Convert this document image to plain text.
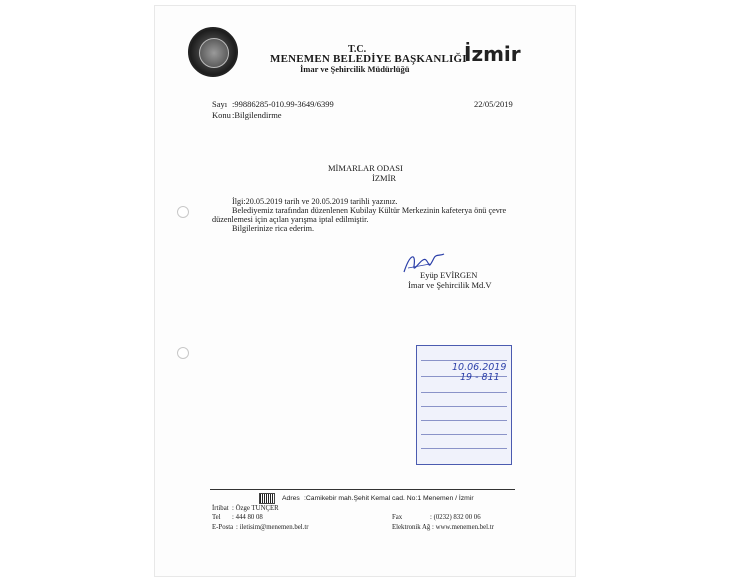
T.C.
MENEMEN BELEDİYE BAŞKANLIĞI
İmar ve Şehircilik Müdürlüğü
İzmir
Sayı :99886285-010.99-3649/6399	22/05/2019
Konu :Bilgilendirme
MİMARLAR ODASI
İZMİR
İlgi:20.05.2019 tarih ve 20.05.2019 tarihli yazınız.
Belediyemiz tarafından düzenlenen Kubilay Kültür Merkezinin kafeterya önü çevre
düzenlemesi için açılan yarışma iptal edilmiştir.
Bilgilerinize rica ederim.
Eyüp EVİRGEN
İmar ve Şehircilik Md.V
10.06.2019
19 - 811
Adres :Camikebir mah.Şehit Kemal cad. No:1 Menemen / İzmir
İrtibat : Özge TUNÇER
Tel : 444 80 08	Fax	: (0232) 832 00 06
E-Posta : iletisim@menemen.bel.tr	Elektronik Ağ : www.menemen.bel.tr
